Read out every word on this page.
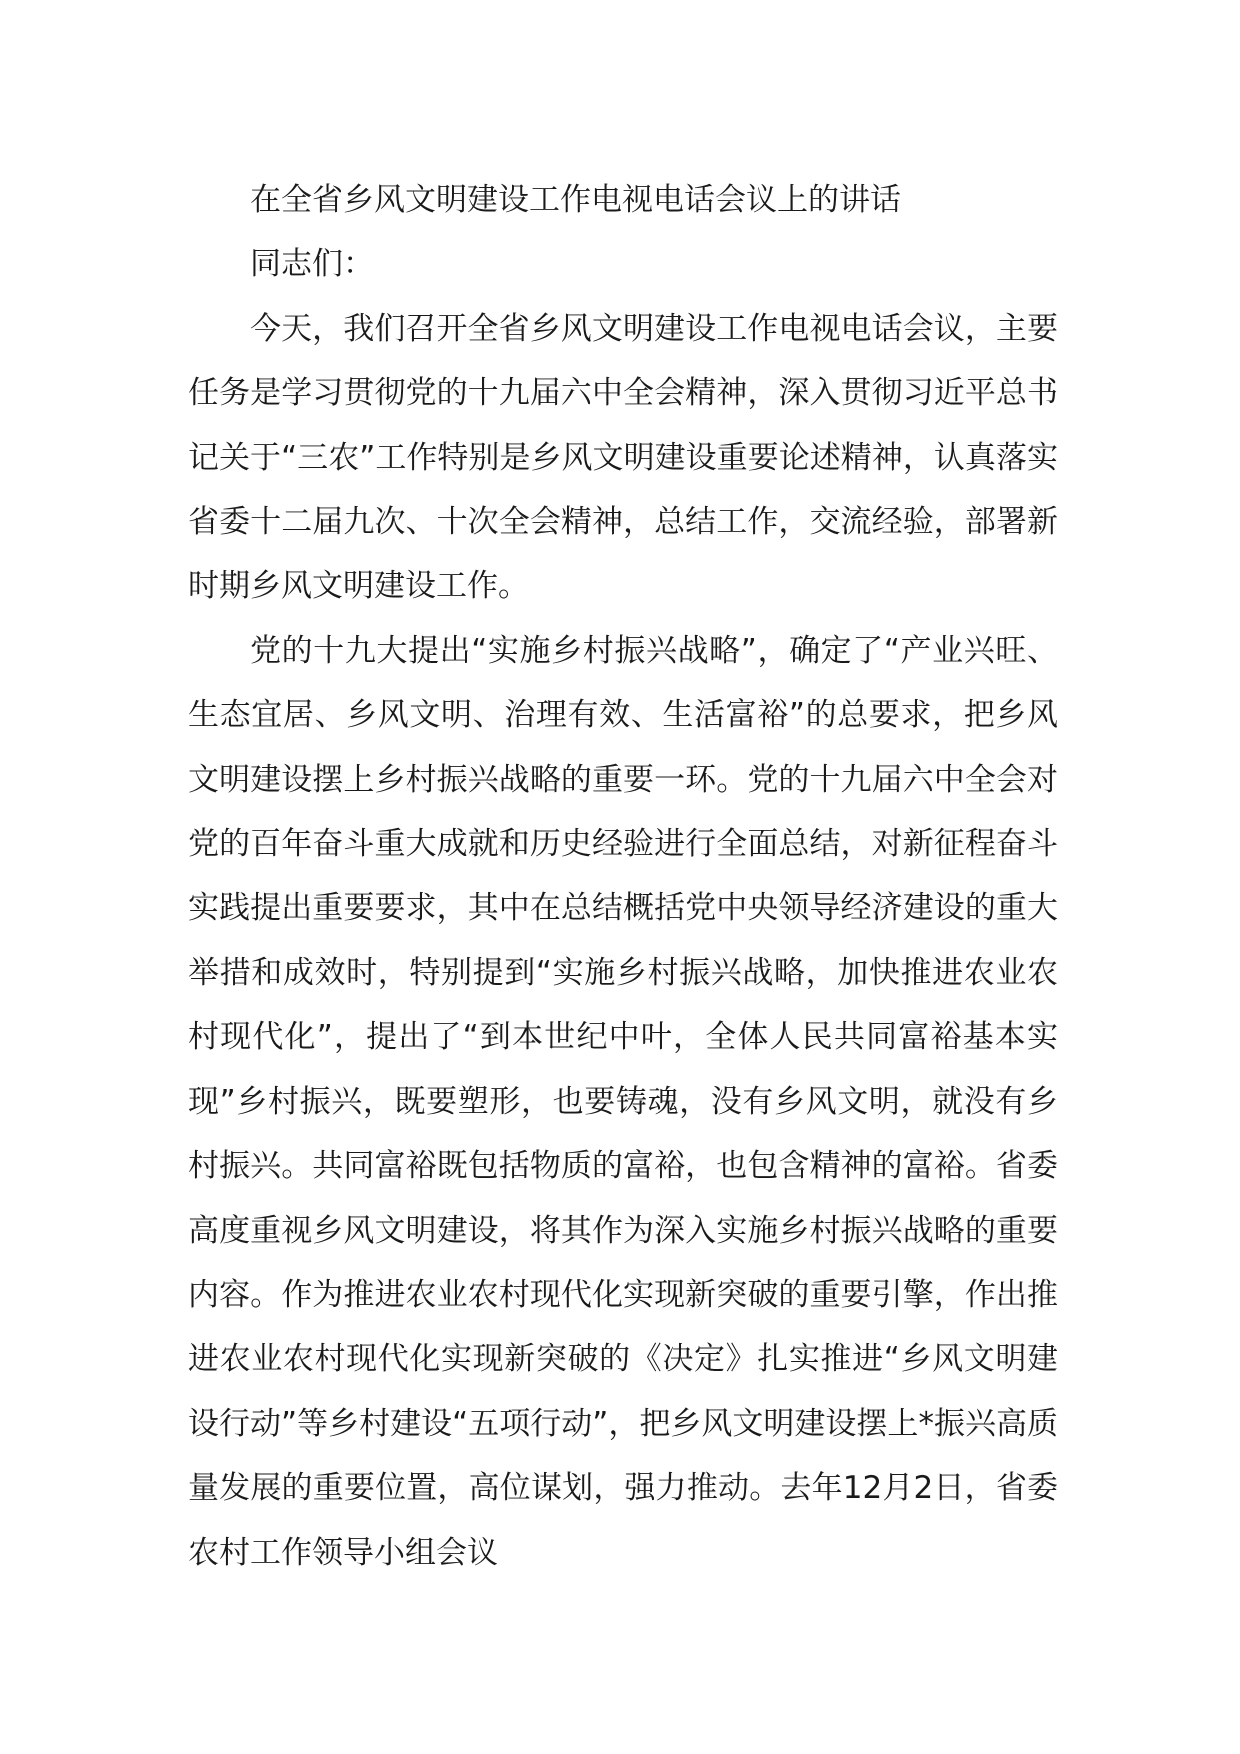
在全省乡风文明建设工作电视电话会议上的讲话

同志们：

今天，我们召开全省乡风文明建设工作电视电话会议，主要任务是学习贯彻党的十九届六中全会精神，深入贯彻习近平总书记关于“三农”工作特别是乡风文明建设重要论述精神，认真落实省委十二届九次、十次全会精神，总结工作，交流经验，部署新时期乡风文明建设工作。

党的十九大提出“实施乡村振兴战略”，确定了“产业兴旺、生态宜居、乡风文明、治理有效、生活富裕”的总要求，把乡风文明建设摆上乡村振兴战略的重要一环。党的十九届六中全会对党的百年奋斗重大成就和历史经验进行全面总结，对新征程奋斗实践提出重要要求，其中在总结概括党中央领导经济建设的重大举措和成效时，特别提到“实施乡村振兴战略，加快推进农业农村现代化”，提出了“到本世纪中叶，全体人民共同富裕基本实现”乡村振兴，既要塑形，也要铸魂，没有乡风文明，就没有乡村振兴。共同富裕既包括物质的富裕，也包含精神的富裕。省委高度重视乡风文明建设，将其作为深入实施乡村振兴战略的重要内容。作为推进农业农村现代化实现新突破的重要引擎，作出推进农业农村现代化实现新突破的《决定》扎实推进“乡风文明建设行动”等乡村建设“五项行动”，把乡风文明建设摆上*振兴高质量发展的重要位置，高位谋划，强力推动。去年12月2日，省委农村工作领导小组会议
